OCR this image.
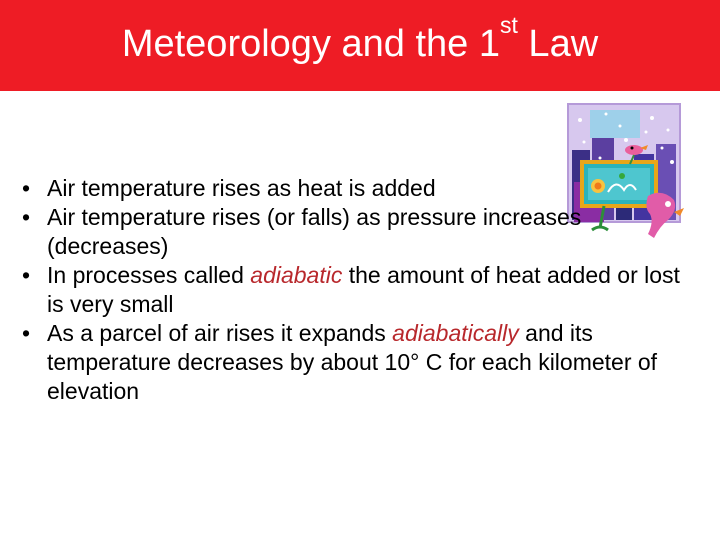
Meteorology and the 1st Law
• Air temperature rises as heat is added
• Air temperature rises (or falls) as pressure increases (decreases)
• In processes called adiabatic the amount of heat added or lost is very small
• As a parcel of air rises it expands adiabatically and its temperature decreases by about 10° C for each kilometer of elevation
